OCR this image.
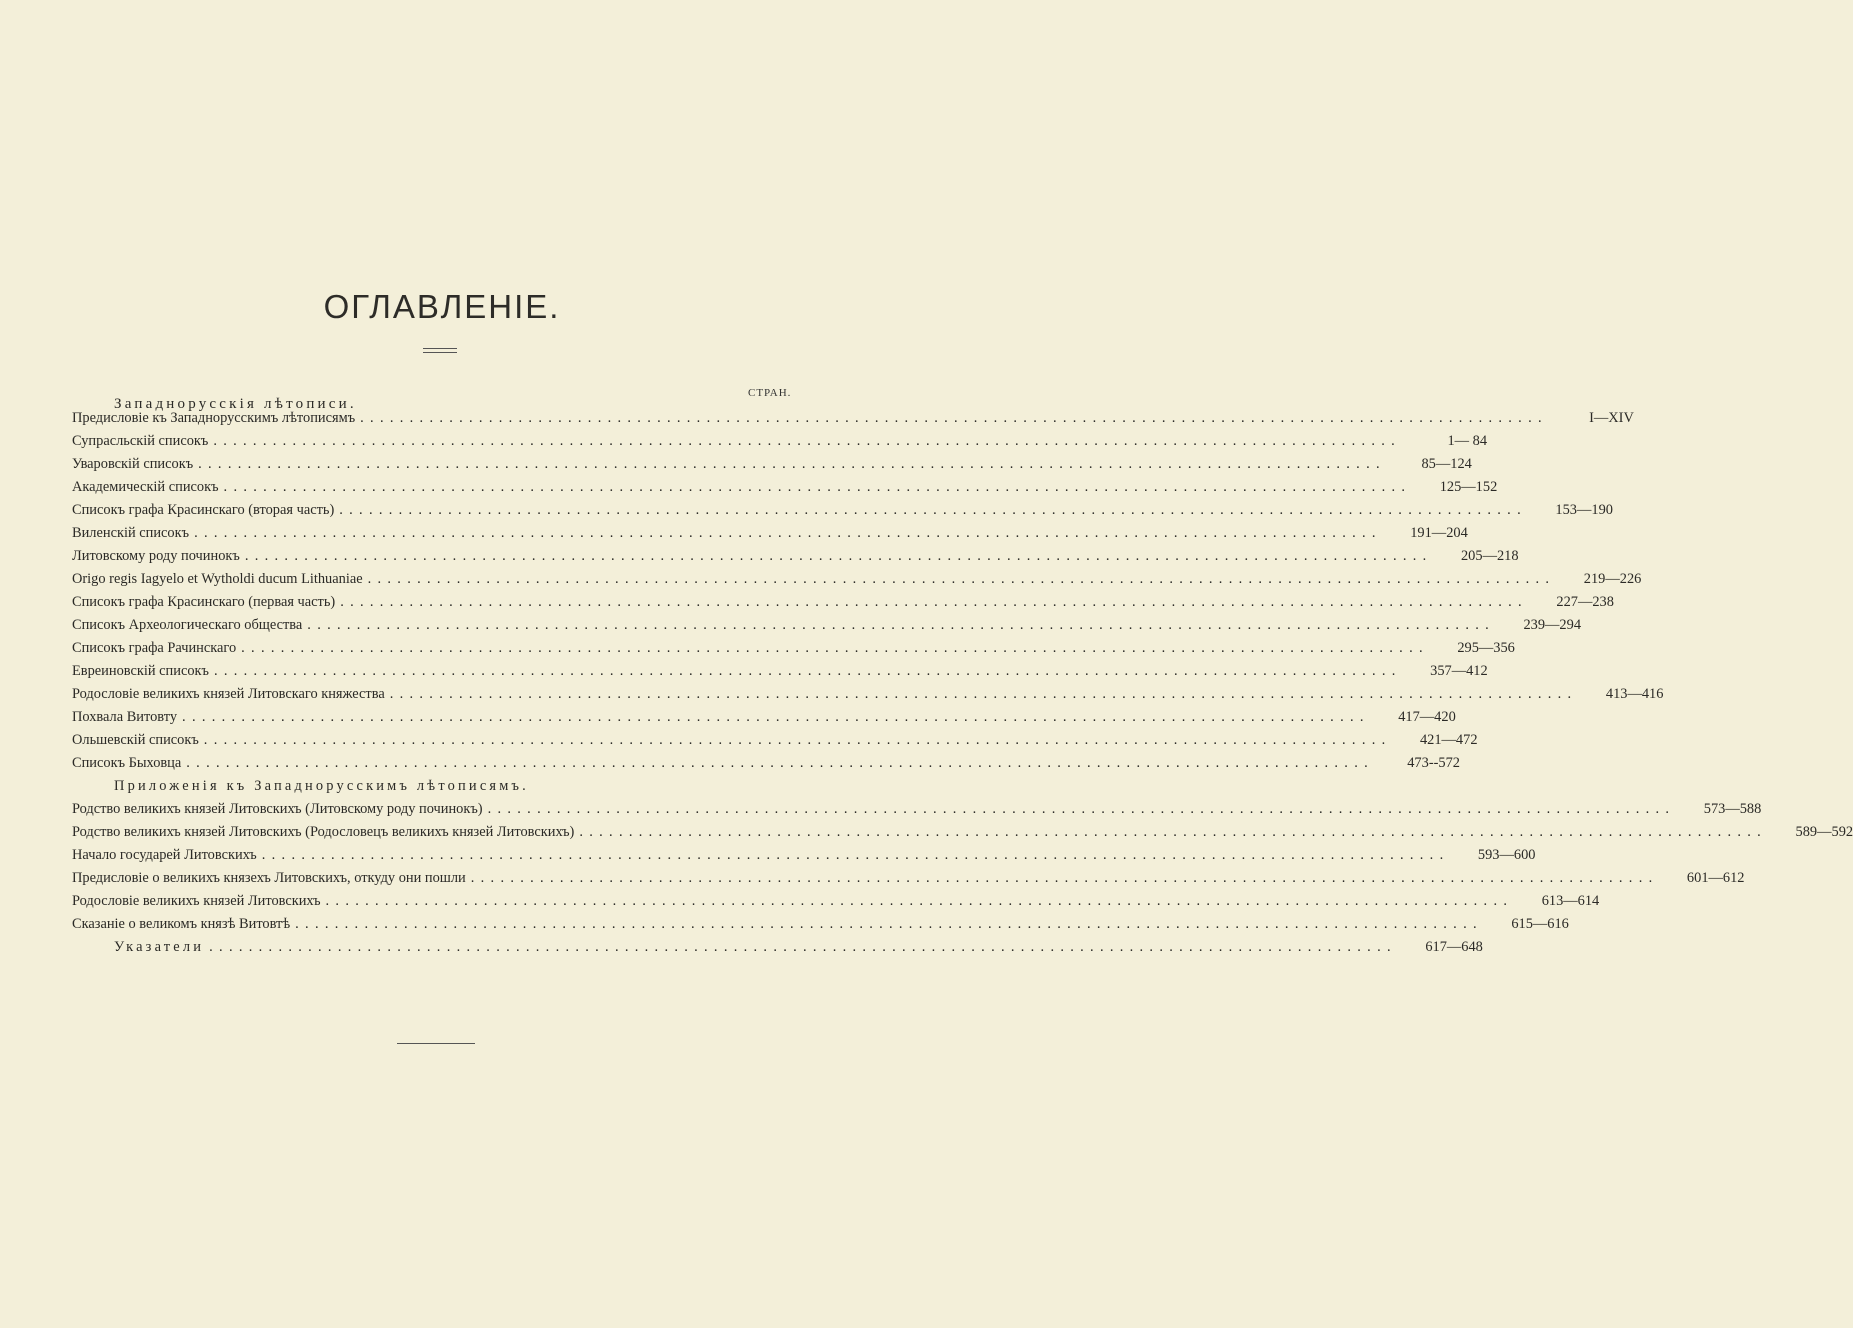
ОГЛАВЛЕНІЕ.
СТРАН.
Западнорусскія лѣтописи.
Предисловіе къ Западнорусскимъ лѣтописямъ ........................................................................................................................	I—XIV
Супрасльскій списокъ ........................................................................................................................	1— 84
Уваровскій списокъ ........................................................................................................................	85—124
Академическій списокъ ........................................................................................................................	125—152
Списокъ графа Красинскаго (вторая часть) ........................................................................................................................	153—190
Виленскій списокъ ........................................................................................................................	191—204
Литовскому роду починокъ ........................................................................................................................	205—218
Origo regis Iagyelo et Wytholdi ducum Lithuaniae ........................................................................................................................	219—226
Списокъ графа Красинскаго (первая часть) ........................................................................................................................	227—238
Списокъ Археологическаго общества ........................................................................................................................	239—294
Списокъ графа Рачинскаго ........................................................................................................................	295—356
Евреиновскій списокъ ........................................................................................................................	357—412
Родословіе великихъ князей Литовскаго княжества ........................................................................................................................	413—416
Похвала Витовту ........................................................................................................................	417—420
Ольшевскій списокъ ........................................................................................................................	421—472
Списокъ Быховца ........................................................................................................................	473--572
Приложенія къ Западнорусскимъ лѣтописямъ.
Родство великихъ князей Литовскихъ (Литовскому роду починокъ) ........................................................................................................................	573—588
Родство великихъ князей Литовскихъ (Родословецъ великихъ князей Литовскихъ) ........................................................................................................................	589—592
Начало государей Литовскихъ ........................................................................................................................	593—600
Предисловіе о великихъ князехъ Литовскихъ, откуду они пошли ........................................................................................................................	601—612
Родословіе великихъ князей Литовскихъ ........................................................................................................................	613—614
Сказаніе о великомъ князѣ Витовтѣ ........................................................................................................................	615—616
Указатели ........................................................................................................................	617—648
